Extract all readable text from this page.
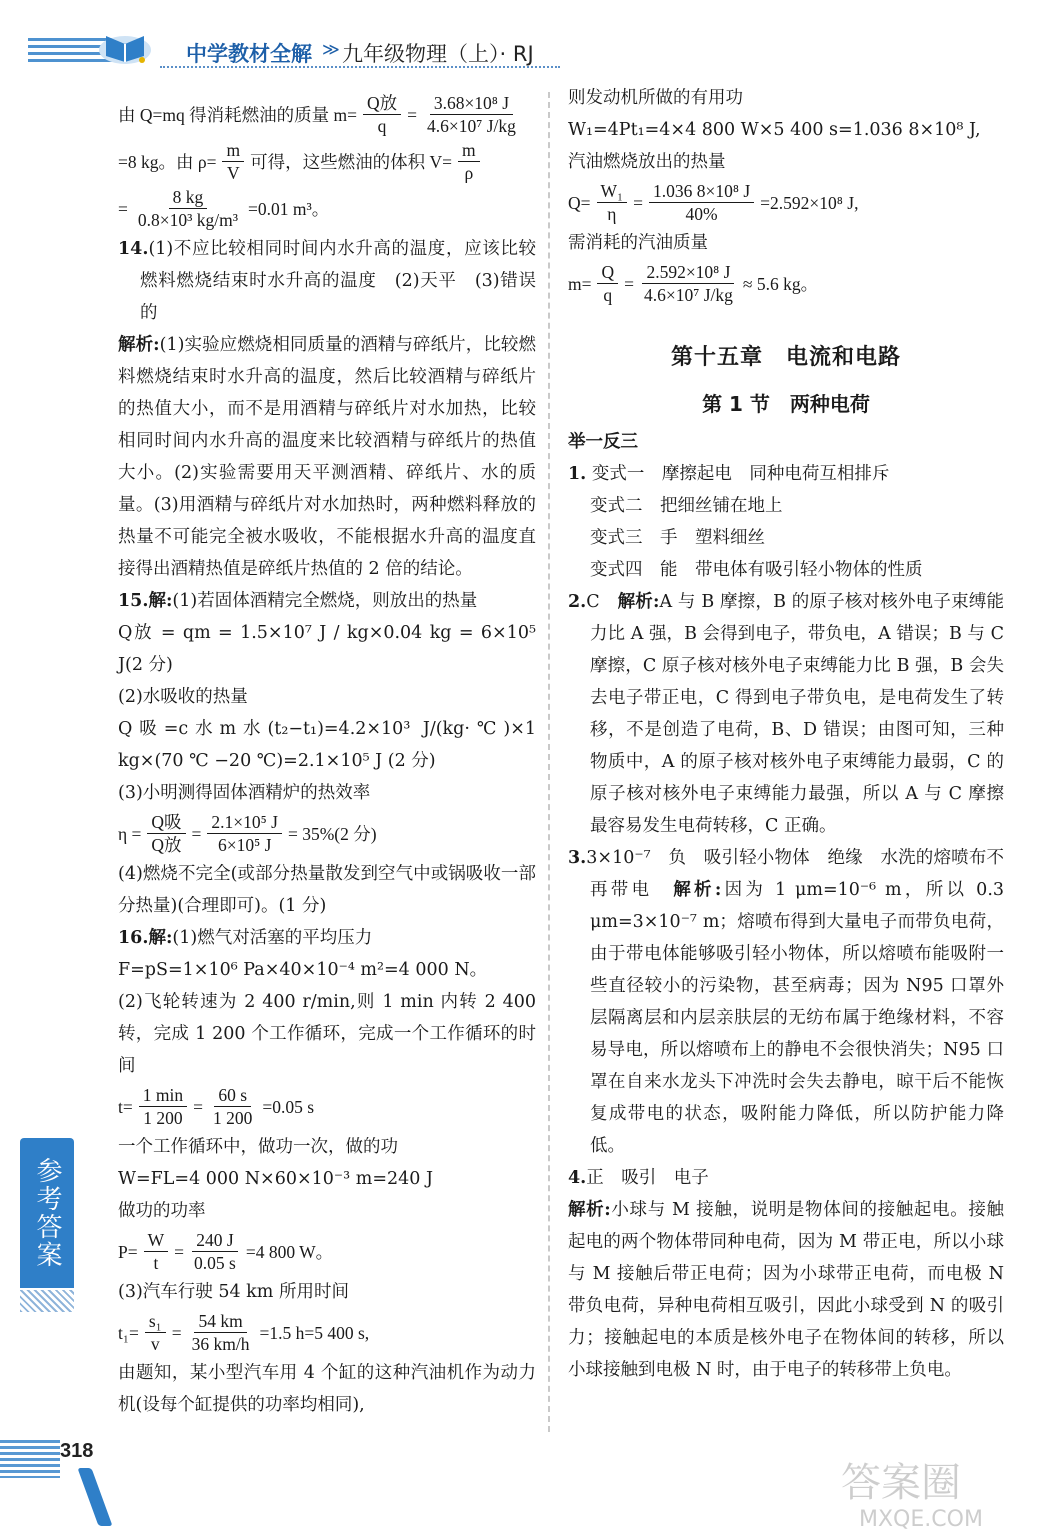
中学教材全解 ≫ 九年级物理（上）· RJ
由 Q=mq 得消耗燃油的质量 $m= \frac{\text{Q放}}{q} = \frac{\text{3.68×10⁸ J}}{\text{4.6×10⁷ J/kg}}$
=8 kg。由 $\rho= \frac{m}{V}$ 可得，这些燃油的体积 $V= \frac{m}{\rho}$
= $\frac{8 kg}{\text{0.8×10³ kg/m³}} =0.01$ m³。

14.(1)不应比较相同时间内水升高的温度，应该比较燃料燃烧结束时水升高的温度　(2)天平　(3)错误的

解析:(1)实验应燃烧相同质量的酒精与碎纸片，比较燃料燃烧结束时水升高的温度，然后比较酒精与碎纸片的热值大小，而不是用酒精与碎纸片对水加热，比较相同时间内水升高的温度来比较酒精与碎纸片的热值大小。(2)实验需要用天平测酒精、碎纸片、水的质量。(3)用酒精与碎纸片对水加热时，两种燃料释放的热量不可能完全被水吸收，不能根据水升高的温度直接得出酒精热值是碎纸片热值的 2 倍的结论。

15.解:(1)若固体酒精完全燃烧，则放出的热量

Q放 = qm = 1.5×10⁷ J / kg×0.04 kg = 6×10⁵ J(2 分)

(2)水吸收的热量

Q吸=c水m水(t₂−t₁)=4.2×10³ J/(kg·℃)×1 kg×(70 ℃ −20 ℃)=2.1×10⁵ J (2 分)

(3)小明测得固体酒精炉的热效率

$\eta = \frac{\text{Q吸}}{\text{Q放}} = \frac{\text{2.1×10⁵ J}}{\text{6×10⁵ J}} = 35\%(2$ 分)

(4)燃烧不完全(或部分热量散发到空气中或锅吸收一部分热量)(合理即可)。(1 分)

16.解:(1)燃气对活塞的平均压力

F=pS=1×10⁶ Pa×40×10⁻⁴ m²=4 000 N。

(2)飞轮转速为 2 400 r/min,则 1 min 内转 2 400 转，完成 1 200 个工作循环，完成一个工作循环的时间

$t= \frac{1 \min}{1 200} = \frac{60 s}{1 200} =0.05$ s

一个工作循环中，做功一次，做的功

W=FL=4 000 N×60×10⁻³ m=240 J

做功的功率

$P= \frac{W}{t} = \frac{240 J}{0.05 s} =4$ 800 W。

(3)汽车行驶 54 km 所用时间

$t_1= \frac{\text{s₁}}{v} = \frac{54 km}{36 km/h} =1.5$ h=5 400 s,

由题知，某小型汽车用 4 个缸的这种汽油机作为动力机(设每个缸提供的功率均相同),

则发动机所做的有用功

W₁=4Pt₁=4×4 800 W×5 400 s=1.036 8×10⁸ J,

汽油燃烧放出的热量

$Q= \frac{\text{W₁}}{\eta} = \frac{\text{1.036 8×10⁸ J}}{40\%} =2.592\times 10^8$ J,

需消耗的汽油质量

$m= \frac{Q}{q} = \frac{\text{2.592×10⁸ J}}{\text{4.6×10⁷ J/kg}} \approx 5.6$ kg。
第十五章　电流和电路
第 1 节　两种电荷

举一反三

1. 变式一　摩擦起电　同种电荷互相排斥

变式二　把细丝铺在地上

变式三　手　塑料细丝

变式四　能　带电体有吸引轻小物体的性质

2.C　 解析:A 与 B 摩擦，B 的原子核对核外电子束缚能力比 A 强，B 会得到电子，带负电，A 错误；B 与 C 摩擦，C 原子核对核外电子束缚能力比 B 强，B 会失去电子带正电，C 得到电子带负电，是电荷发生了转移，不是创造了电荷，B、D 错误；由图可知，三种物质中，A 的原子核对核外电子束缚能力最弱，C 的原子核对核外电子束缚能力最强，所以 A 与 C 摩擦最容易发生电荷转移，C 正确。

3.3×10⁻⁷　负　吸引轻小物体　绝缘　水洗的熔喷布不再带电　 解析:因为 1 μm=10⁻⁶ m，所以 0.3 μm=3×10⁻⁷ m；熔喷布得到大量电子而带负电荷，由于带电体能够吸引轻小物体，所以熔喷布能吸附一些直径较小的污染物，甚至病毒；因为 N95 口罩外层隔离层和内层亲肤层的无纺布属于绝缘材料，不容易导电，所以熔喷布上的静电不会很快消失；N95 口罩在自来水龙头下冲洗时会失去静电，晾干后不能恢复成带电的状态，吸附能力降低，所以防护能力降低。

4.正　吸引　电子

解析:小球与 M 接触，说明是物体间的接触起电。接触起电的两个物体带同种电荷，因为 M 带正电，所以小球与 M 接触后带正电荷；因为小球带正电荷，而电极 N 带负电荷，异种电荷相互吸引，因此小球受到 N 的吸引力；接触起电的本质是核外电子在物体间的转移，所以小球接触到电极 N 时，由于电子的转移带上负电。

参考答案
318
答案圈
MXQE.COM
